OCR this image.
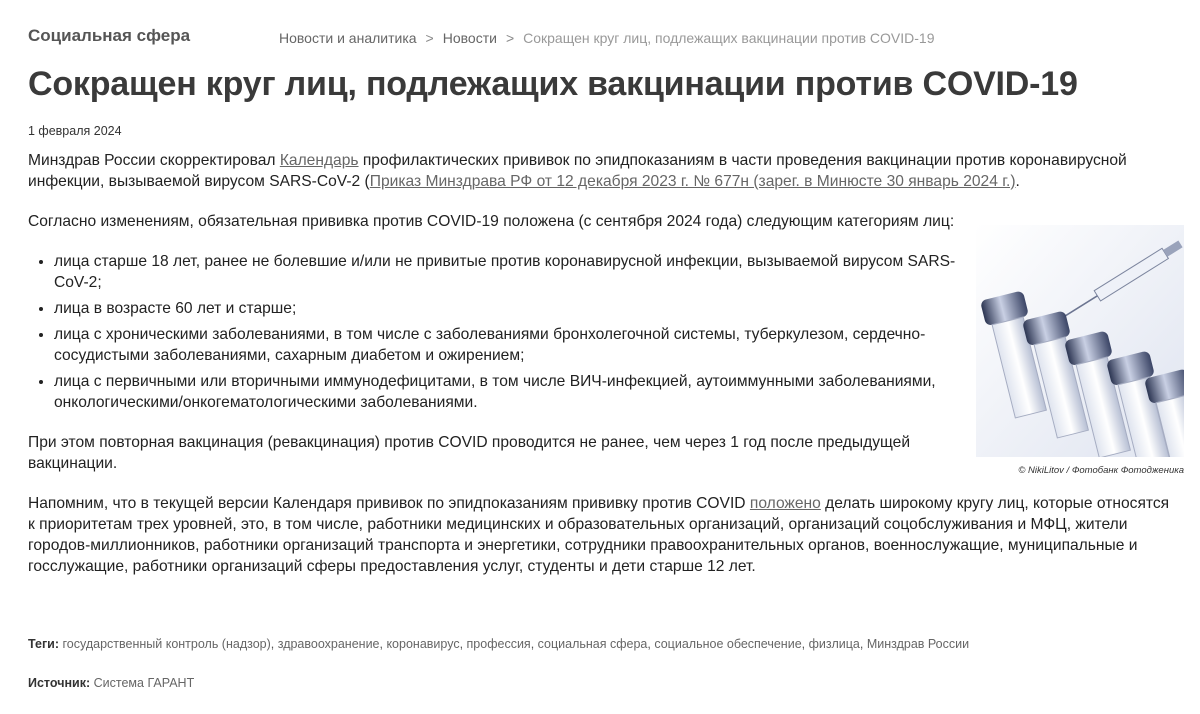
Социальная сфера	Новости и аналитика > Новости > Сокращен круг лиц, подлежащих вакцинации против COVID-19
Сокращен круг лиц, подлежащих вакцинации против COVID-19
1 февраля 2024

Минздрав России скорректировал Календарь профилактических прививок по эпидпоказаниям в части проведения вакцинации против коронавирусной инфекции, вызываемой вирусом SARS-CoV-2 (Приказ Минздрава РФ от 12 декабря 2023 г. № 677н (зарег. в Минюсте 30 январь 2024 г.).

© NikiLitov / Фотобанк Фотодженика

Согласно изменениям, обязательная прививка против COVID-19 положена (с сентября 2024 года) следующим категориям лиц:

• лица старше 18 лет, ранее не болевшие и/или не привитые против коронавирусной инфекции, вызываемой вирусом SARS-CoV-2;
• лица в возрасте 60 лет и старше;
• лица с хроническими заболеваниями, в том числе с заболеваниями бронхолегочной системы, туберкулезом, сердечно-сосудистыми заболеваниями, сахарным диабетом и ожирением;
• лица с первичными или вторичными иммунодефицитами, в том числе ВИЧ-инфекцией, аутоиммунными заболеваниями, онкологическими/онкогематологическими заболеваниями.

При этом повторная вакцинация (ревакцинация) против COVID проводится не ранее, чем через 1 год после предыдущей вакцинации.

Напомним, что в текущей версии Календаря прививок по эпидпоказаниям прививку против COVID положено делать широкому кругу лиц, которые относятся к приоритетам трех уровней, это, в том числе, работники медицинских и образовательных организаций, организаций соцобслуживания и МФЦ, жители городов-миллионников, работники организаций транспорта и энергетики, сотрудники правоохранительных органов, военнослужащие, муниципальные и госслужащие, работники организаций сферы предоставления услуг, студенты и дети старше 12 лет.

Теги: государственный контроль (надзор), здравоохранение, коронавирус, профессия, социальная сфера, социальное обеспечение, физлица, Минздрав России
Источник: Система ГАРАНТ
